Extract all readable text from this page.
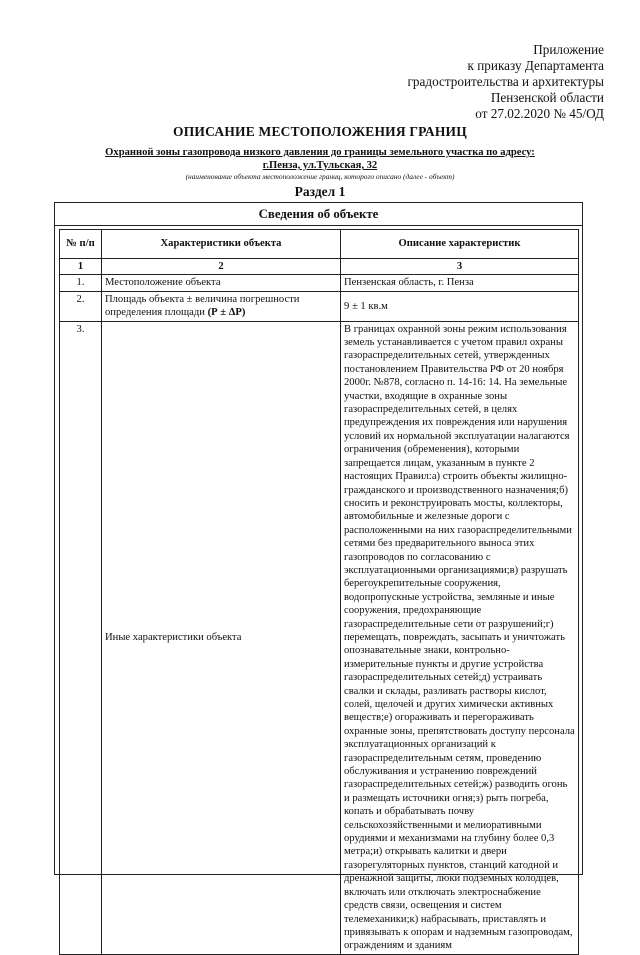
Приложение
к приказу Департамента
градостроительства и архитектуры
Пензенской области
от 27.02.2020 № 45/ОД
ОПИСАНИЕ МЕСТОПОЛОЖЕНИЯ ГРАНИЦ
Охранной зоны газопровода низкого давления до границы земельного участка по адресу:
г.Пенза, ул.Тульская, 32
(наименование объекта местоположение границ, которого описано (далее - объект)
Раздел 1
Сведения об объекте
№ п/п	Характеристики объекта	Описание характеристик
1	2	3
1.	Местоположение объекта	Пензенская область, г. Пенза
2.	Площадь объекта ± величина погрешности определения площади (Р ± ΔР)	9 ± 1 кв.м
3.	Иные характеристики объекта	В границах охранной зоны режим использования земель устанавливается с учетом правил охраны газораспределительных сетей, утвержденных постановлением Правительства РФ от 20 ноября 2000г. №878, согласно п. 14-16: 14. На земельные участки, входящие в охранные зоны газораспределительных сетей, в целях предупреждения их повреждения или нарушения условий их нормальной эксплуатации налагаются ограничения (обременения), которыми запрещается лицам, указанным в пункте 2 настоящих Правил:а) строить объекты жилищно-гражданского и производственного назначения;б) сносить и реконструировать мосты, коллекторы, автомобильные и железные дороги с расположенными на них газораспределительными сетями без предварительного выноса этих газопроводов по согласованию с эксплуатационными организациями;в) разрушать берегоукрепительные сооружения, водопропускные устройства, земляные и иные сооружения, предохраняющие газораспределительные сети от разрушений;г) перемещать, повреждать, засыпать и уничтожать опознавательные знаки, контрольно-измерительные пункты и другие устройства газораспределительных сетей;д) устраивать свалки и склады, разливать растворы кислот, солей, щелочей и других химически активных веществ;е) огораживать и перегораживать охранные зоны, препятствовать доступу персонала эксплуатационных организаций к газораспределительным сетям, проведению обслуживания и устранению повреждений газораспределительных сетей;ж) разводить огонь и размещать источники огня;з) рыть погреба, копать и обрабатывать почву сельскохозяйственными и мелиоративными орудиями и механизмами на глубину более 0,3 метра;и) открывать калитки и двери газорегуляторных пунктов, станций катодной и дренажной защиты, люки подземных колодцев, включать или отключать электроснабжение средств связи, освещения и систем телемеханики;к) набрасывать, приставлять и привязывать к опорам и надземным газопроводам, ограждениям и зданиям
